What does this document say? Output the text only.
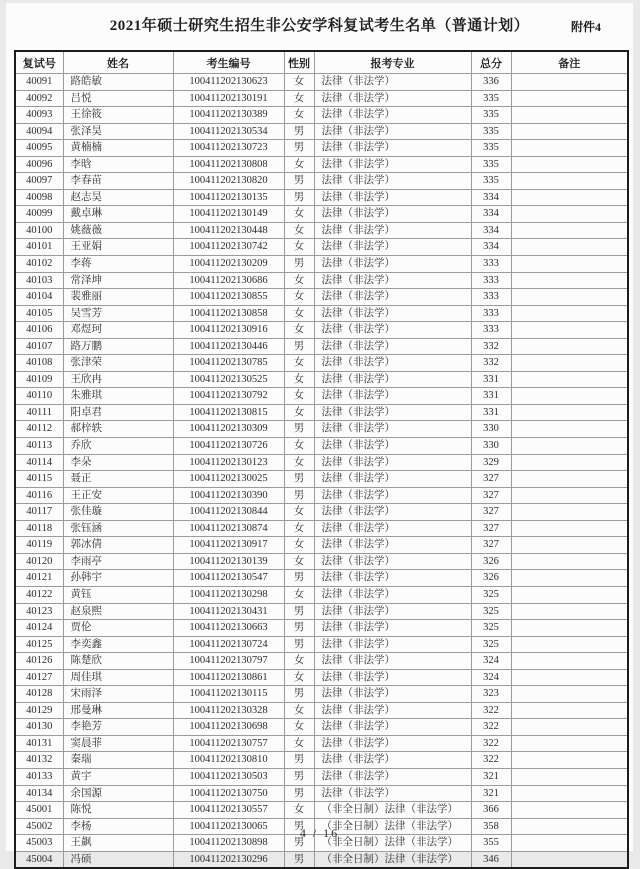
2021年硕士研究生招生非公安学科复试考生名单（普通计划）	附件4
复试号	姓名	考生编号	性别	报考专业	总分	备注
40091	路皓敏	100411202130623	女	法律（非法学）	336	
40092	吕悦	100411202130191	女	法律（非法学）	335	
40093	王徐筱	100411202130389	女	法律（非法学）	335	
40094	张泽昊	100411202130534	男	法律（非法学）	335	
40095	黄楠楠	100411202130723	男	法律（非法学）	335	
40096	李晗	100411202130808	女	法律（非法学）	335	
40097	李春苗	100411202130820	男	法律（非法学）	335	
40098	赵志昊	100411202130135	男	法律（非法学）	334	
40099	戴卓琳	100411202130149	女	法律（非法学）	334	
40100	姚薇薇	100411202130448	女	法律（非法学）	334	
40101	王亚娟	100411202130742	女	法律（非法学）	334	
40102	李蒋	100411202130209	男	法律（非法学）	333	
40103	常泽坤	100411202130686	女	法律（非法学）	333	
40104	裴雅丽	100411202130855	女	法律（非法学）	333	
40105	吴雪芳	100411202130858	女	法律（非法学）	333	
40106	邓煜珂	100411202130916	女	法律（非法学）	333	
40107	路万鹏	100411202130446	男	法律（非法学）	332	
40108	张津荣	100411202130785	女	法律（非法学）	332	
40109	王欣冉	100411202130525	女	法律（非法学）	331	
40110	朱雅琪	100411202130792	女	法律（非法学）	331	
40111	阳卓君	100411202130815	女	法律（非法学）	331	
40112	郝梓轶	100411202130309	男	法律（非法学）	330	
40113	乔欣	100411202130726	女	法律（非法学）	330	
40114	李朵	100411202130123	女	法律（非法学）	329	
40115	聂正	100411202130025	男	法律（非法学）	327	
40116	王正安	100411202130390	男	法律（非法学）	327	
40117	张佳璇	100411202130844	女	法律（非法学）	327	
40118	张钰涵	100411202130874	女	法律（非法学）	327	
40119	郭冰倩	100411202130917	女	法律（非法学）	327	
40120	李雨亭	100411202130139	女	法律（非法学）	326	
40121	孙韩宇	100411202130547	男	法律（非法学）	326	
40122	黄钰	100411202130298	女	法律（非法学）	325	
40123	赵泉熙	100411202130431	男	法律（非法学）	325	
40124	贾伦	100411202130663	男	法律（非法学）	325	
40125	李奕鑫	100411202130724	男	法律（非法学）	325	
40126	陈楚欣	100411202130797	女	法律（非法学）	324	
40127	周佳琪	100411202130861	女	法律（非法学）	324	
40128	宋雨泽	100411202130115	男	法律（非法学）	323	
40129	邢曼琳	100411202130328	女	法律（非法学）	322	
40130	李艳芳	100411202130698	女	法律（非法学）	322	
40131	窦晨菲	100411202130757	女	法律（非法学）	322	
40132	秦瑞	100411202130810	男	法律（非法学）	322	
40133	黄宇	100411202130503	男	法律（非法学）	321	
40134	余国源	100411202130750	男	法律（非法学）	321	
45001	陈悦	100411202130557	女	（非全日制）法律（非法学）	366	
45002	李杨	100411202130065	男	（非全日制）法律（非法学）	358	
45003	王飙	100411202130898	男	（非全日制）法律（非法学）	355	
45004	冯硕	100411202130296	男	（非全日制）法律（非法学）	346	
4 / 16
